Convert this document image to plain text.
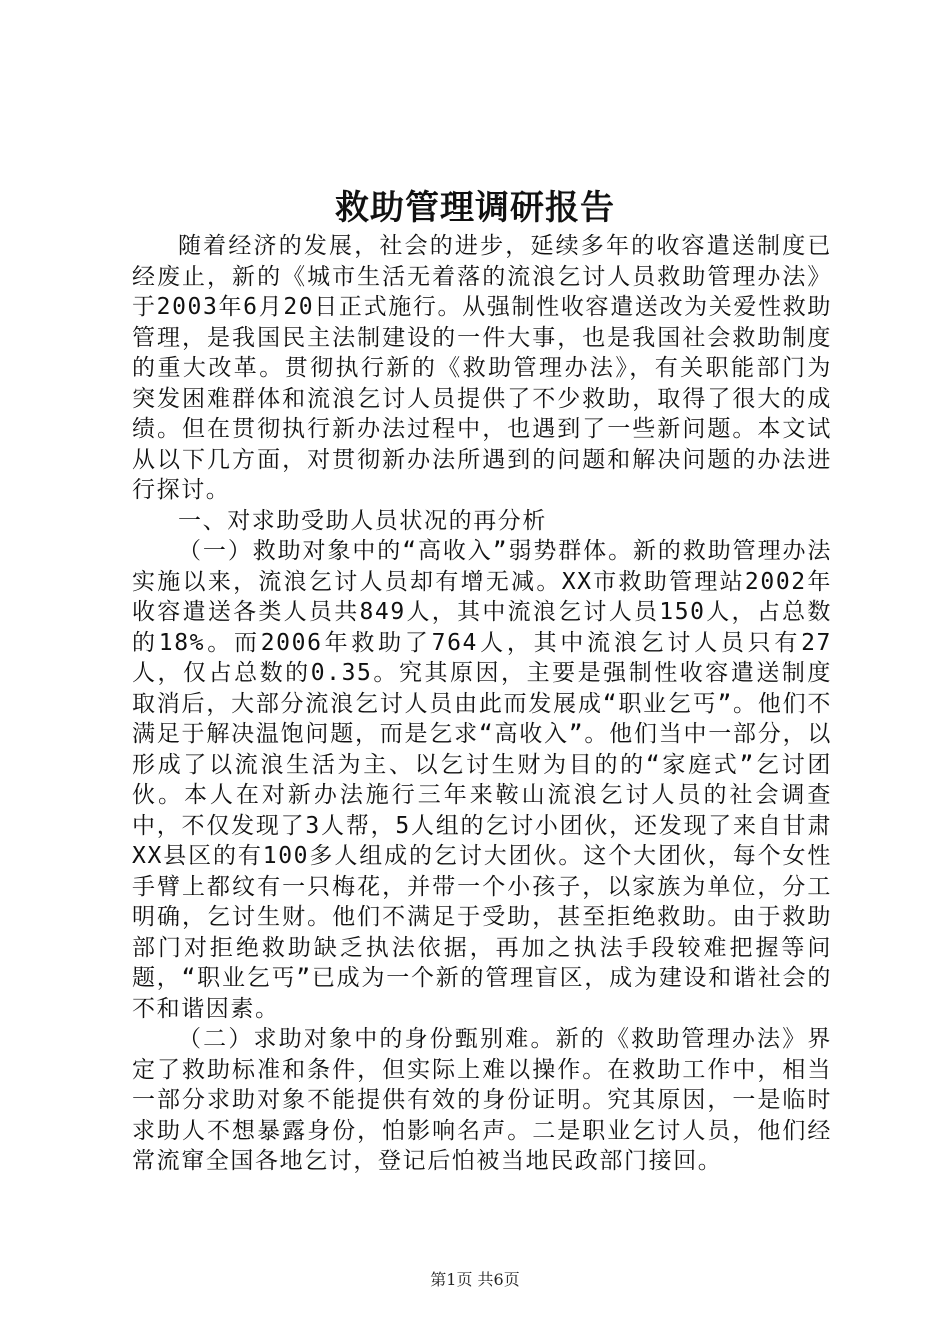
救助管理调研报告

随着经济的发展，社会的进步，延续多年的收容遣送制度已经废止，新的《城市生活无着落的流浪乞讨人员救助管理办法》于2003年6月20日正式施行。从强制性收容遣送改为关爱性救助管理，是我国民主法制建设的一件大事，也是我国社会救助制度的重大改革。贯彻执行新的《救助管理办法》，有关职能部门为突发困难群体和流浪乞讨人员提供了不少救助，取得了很大的成绩。但在贯彻执行新办法过程中，也遇到了一些新问题。本文试从以下几方面，对贯彻新办法所遇到的问题和解决问题的办法进行探讨。

一、对求助受助人员状况的再分析

（一）救助对象中的“高收入”弱势群体。新的救助管理办法实施以来，流浪乞讨人员却有增无减。XX市救助管理站2002年收容遣送各类人员共849人，其中流浪乞讨人员150人，占总数的18%。而2006年救助了764人，其中流浪乞讨人员只有27人，仅占总数的0.35。究其原因，主要是强制性收容遣送制度取消后，大部分流浪乞讨人员由此而发展成“职业乞丐”。他们不满足于解决温饱问题，而是乞求“高收入”。他们当中一部分，以形成了以流浪生活为主、以乞讨生财为目的的“家庭式”乞讨团伙。本人在对新办法施行三年来鞍山流浪乞讨人员的社会调查中，不仅发现了3人帮，5人组的乞讨小团伙，还发现了来自甘肃XX县区的有100多人组成的乞讨大团伙。这个大团伙，每个女性手臂上都纹有一只梅花，并带一个小孩子，以家族为单位，分工明确，乞讨生财。他们不满足于受助，甚至拒绝救助。由于救助部门对拒绝救助缺乏执法依据，再加之执法手段较难把握等问题，“职业乞丐”已成为一个新的管理盲区，成为建设和谐社会的不和谐因素。

（二）求助对象中的身份甄别难。新的《救助管理办法》界定了救助标准和条件，但实际上难以操作。在救助工作中，相当一部分求助对象不能提供有效的身份证明。究其原因，一是临时求助人不想暴露身份，怕影响名声。二是职业乞讨人员，他们经常流窜全国各地乞讨，登记后怕被当地民政部门接回。

第1页 共6页
